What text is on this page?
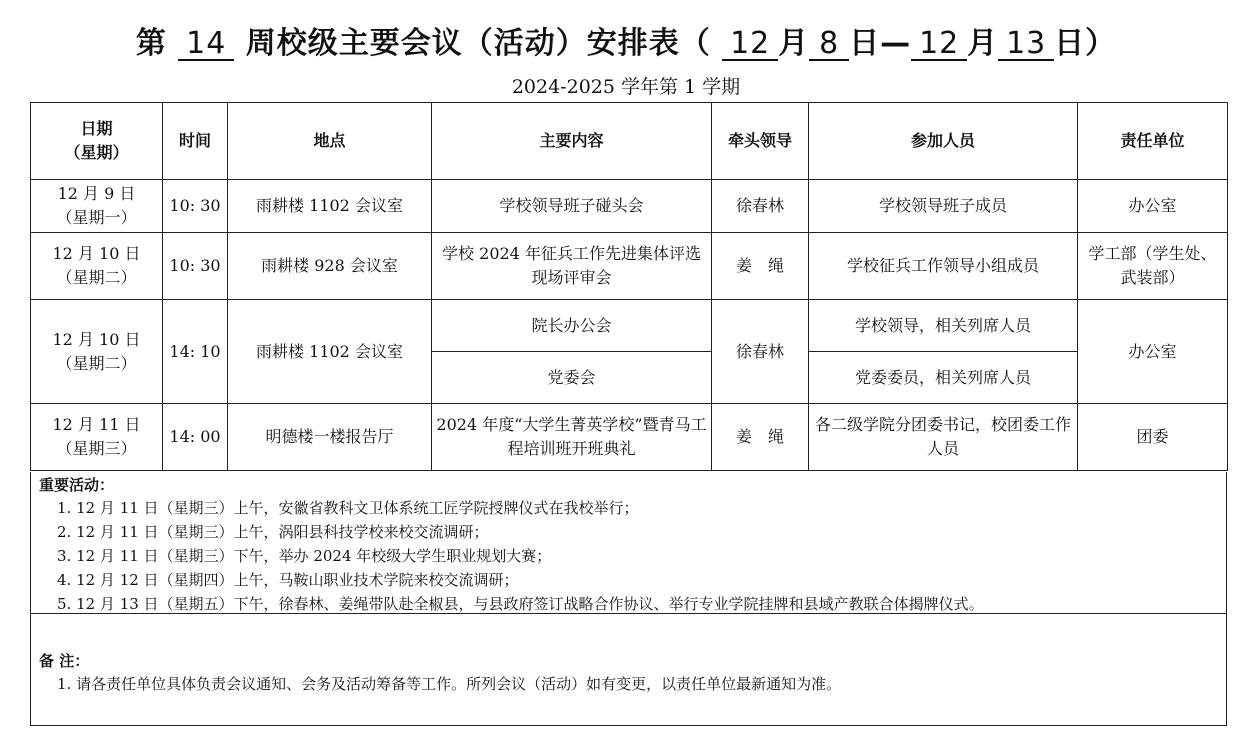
第 14 周校级主要会议（活动）安排表（ 12 月 8 日— 12 月 13 日）
2024-2025 学年第 1 学期
日期
（星期）	时间	地点	主要内容	牵头领导	参加人员	责任单位

12 月 9 日
（星期一）	10: 30	雨耕楼 1102 会议室	学校领导班子碰头会	徐春林	学校领导班子成员	办公室

12 月 10 日
（星期二）	10: 30	雨耕楼 928 会议室	学校 2024 年征兵工作先进集体评选现场评审会	姜　绳	学校征兵工作领导小组成员	学工部（学生处、武装部）

12 月 10 日
（星期二）	14: 10	雨耕楼 1102 会议室	院长办公会	徐春林	学校领导，相关列席人员	办公室
			党委会		党委委员，相关列席人员	

12 月 11 日
（星期三）	14: 00	明德楼一楼报告厅	2024 年度“大学生菁英学校”暨青马工程培训班开班典礼	姜　绳	各二级学院分团委书记，校团委工作人员	团委
重要活动：
1. 12 月 11 日（星期三）上午，安徽省教科文卫体系统工匠学院授牌仪式在我校举行；
2. 12 月 11 日（星期三）上午，涡阳县科技学校来校交流调研；
3. 12 月 11 日（星期三）下午，举办 2024 年校级大学生职业规划大赛；
4. 12 月 12 日（星期四）上午，马鞍山职业技术学院来校交流调研；
5. 12 月 13 日（星期五）下午，徐春林、姜绳带队赴全椒县，与县政府签订战略合作协议、举行专业学院挂牌和县域产教联合体揭牌仪式。
备 注：
1. 请各责任单位具体负责会议通知、会务及活动筹备等工作。所列会议（活动）如有变更，以责任单位最新通知为准。
